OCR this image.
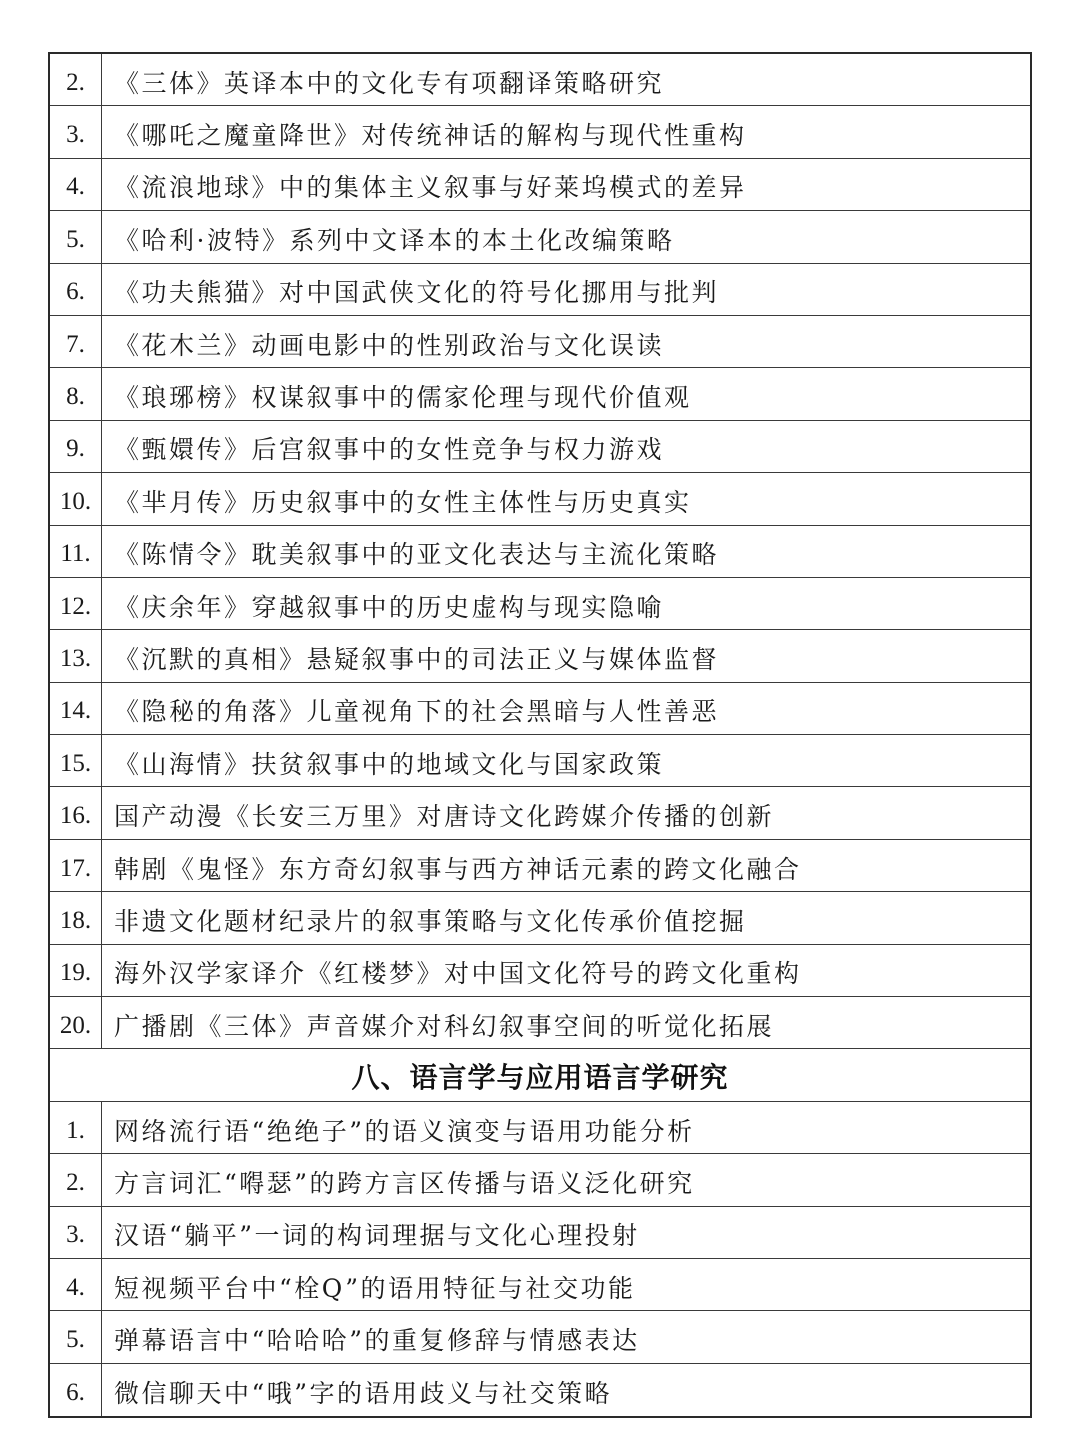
2.	《三体》英译本中的文化专有项翻译策略研究
3.	《哪吒之魔童降世》对传统神话的解构与现代性重构
4.	《流浪地球》中的集体主义叙事与好莱坞模式的差异
5.	《哈利·波特》系列中文译本的本土化改编策略
6.	《功夫熊猫》对中国武侠文化的符号化挪用与批判
7.	《花木兰》动画电影中的性别政治与文化误读
8.	《琅琊榜》权谋叙事中的儒家伦理与现代价值观
9.	《甄嬛传》后宫叙事中的女性竞争与权力游戏
10. 《芈月传》历史叙事中的女性主体性与历史真实
11. 《陈情令》耽美叙事中的亚文化表达与主流化策略
12. 《庆余年》穿越叙事中的历史虚构与现实隐喻
13. 《沉默的真相》悬疑叙事中的司法正义与媒体监督
14. 《隐秘的角落》儿童视角下的社会黑暗与人性善恶
15. 《山海情》扶贫叙事中的地域文化与国家政策
16. 国产动漫《长安三万里》对唐诗文化跨媒介传播的创新
17. 韩剧《鬼怪》东方奇幻叙事与西方神话元素的跨文化融合
18. 非遗文化题材纪录片的叙事策略与文化传承价值挖掘
19. 海外汉学家译介《红楼梦》对中国文化符号的跨文化重构
20. 广播剧《三体》声音媒介对科幻叙事空间的听觉化拓展
八、语言学与应用语言学研究
1.	网络流行语“绝绝子”的语义演变与语用功能分析
2.	方言词汇“嘚瑟”的跨方言区传播与语义泛化研究
3.	汉语“躺平”一词的构词理据与文化心理投射
4.	短视频平台中“栓Q”的语用特征与社交功能
5.	弹幕语言中“哈哈哈”的重复修辞与情感表达
6.	微信聊天中“哦”字的语用歧义与社交策略
